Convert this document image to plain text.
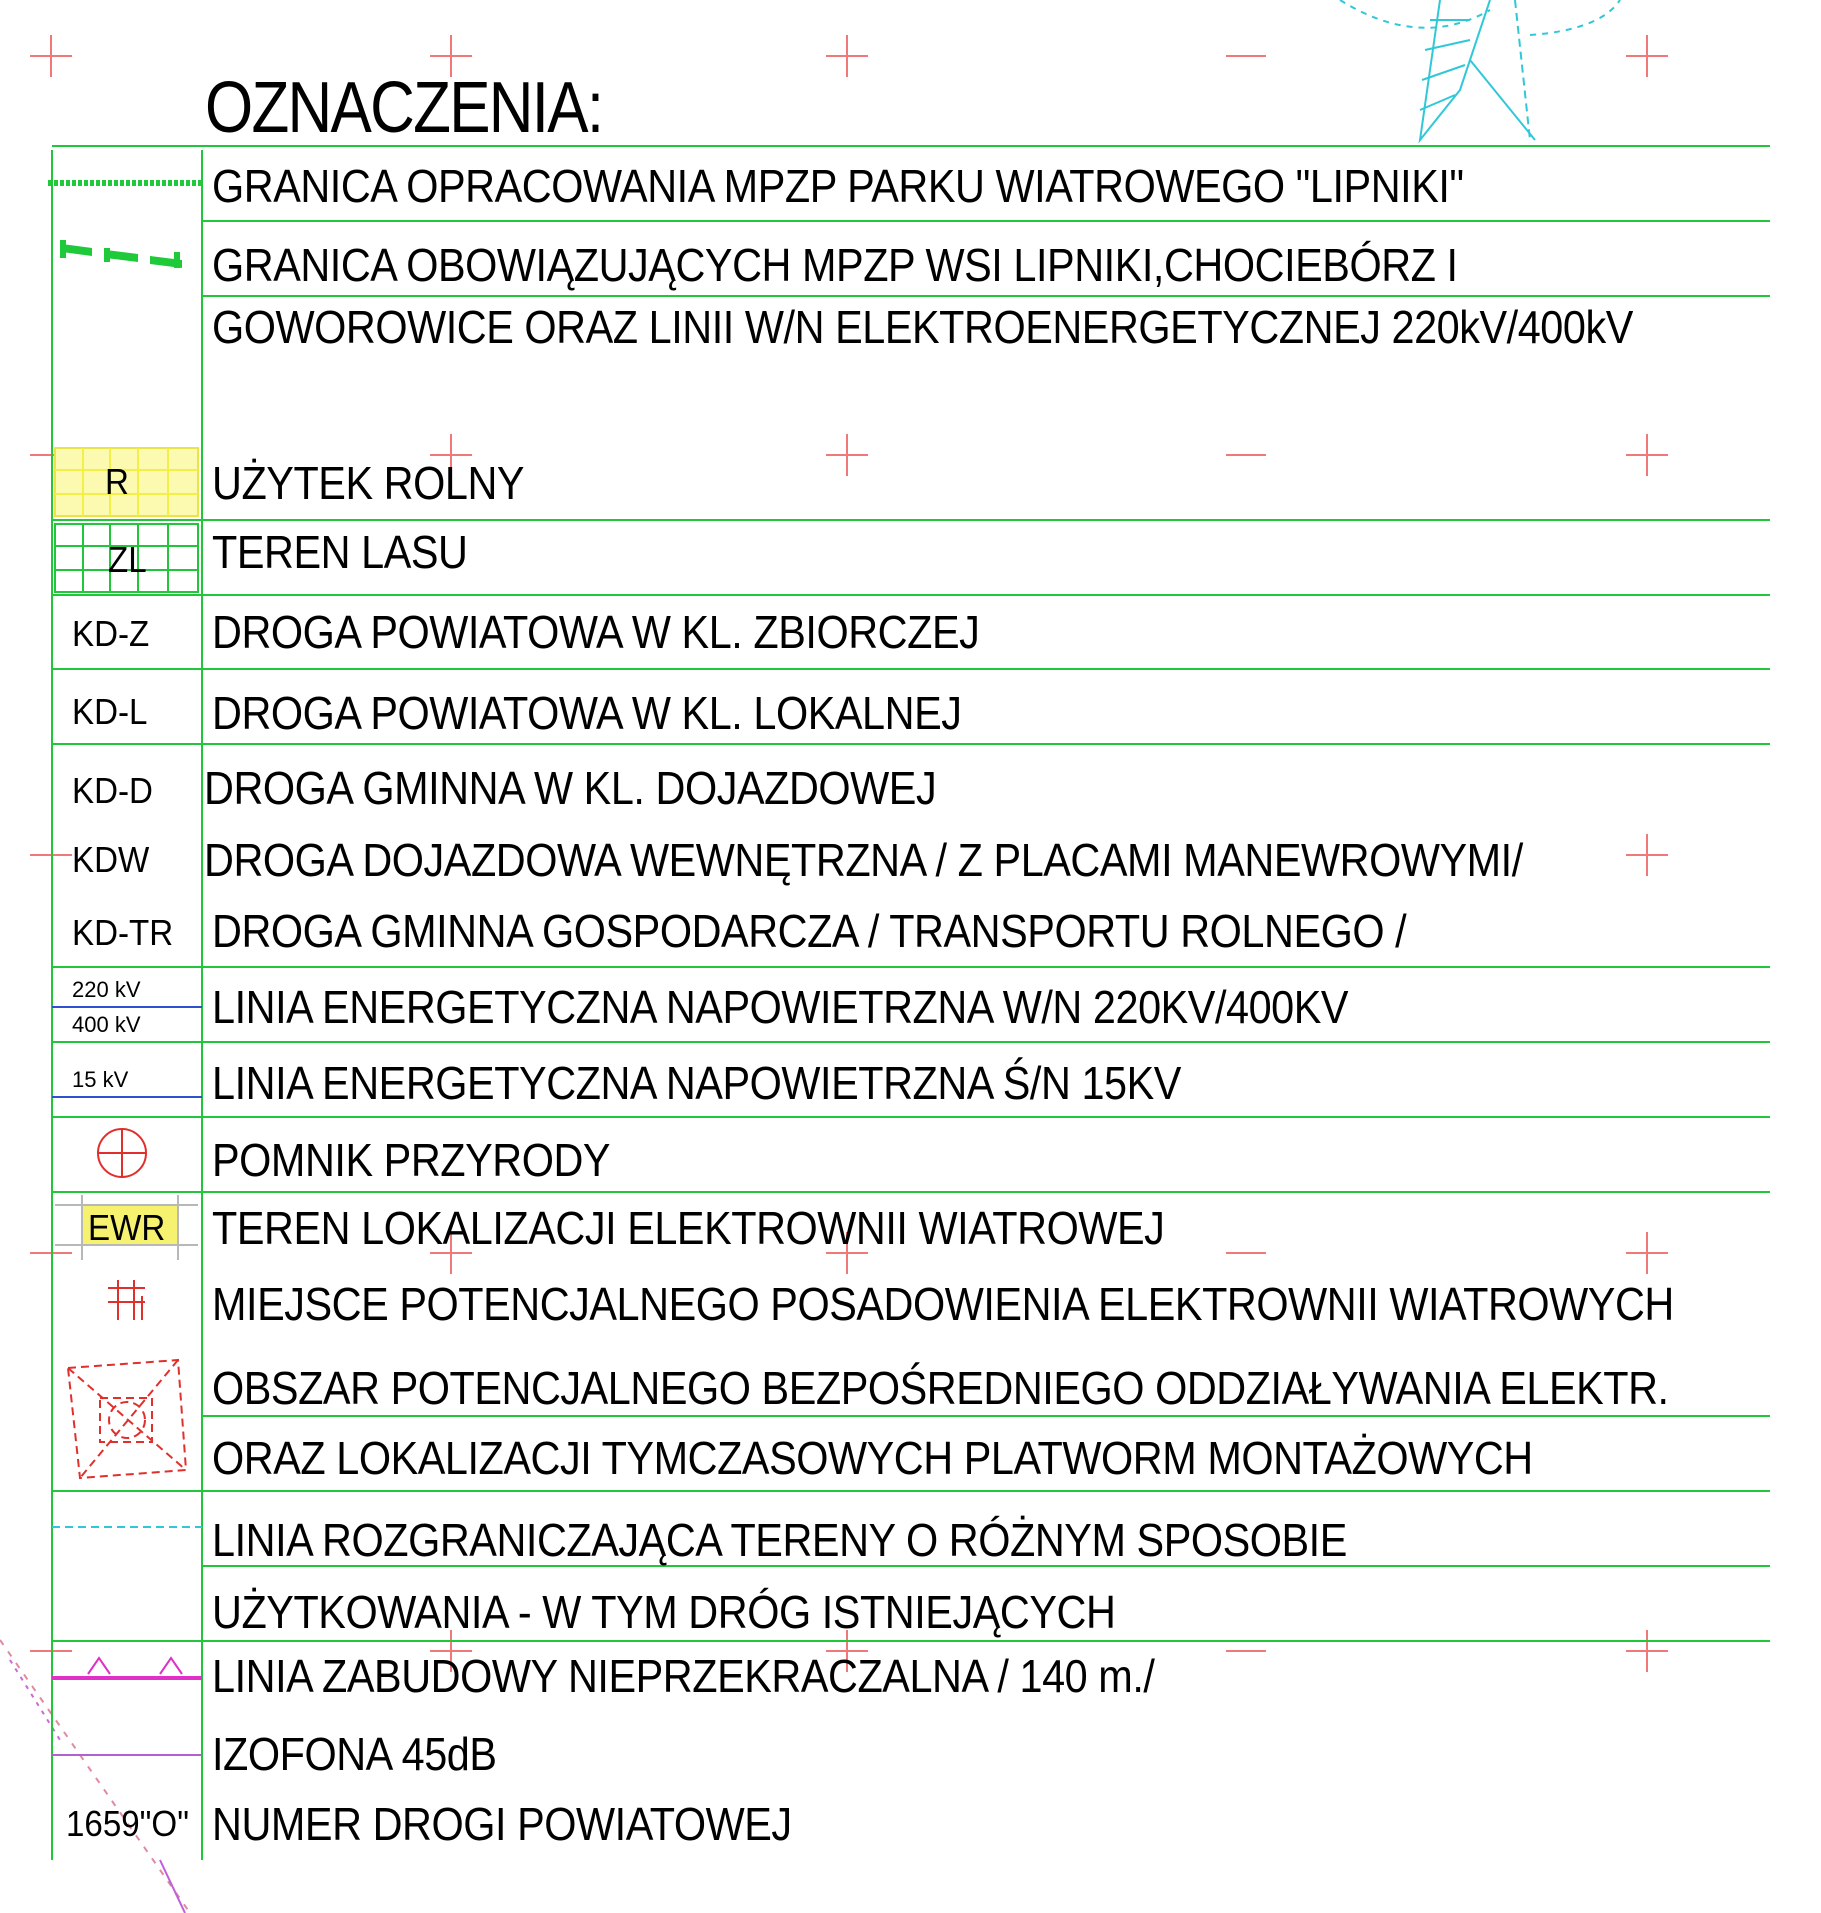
OZNACZENIA:
GRANICA OPRACOWANIA MPZP PARKU WIATROWEGO "LIPNIKI"
GRANICA OBOWIĄZUJĄCYCH MPZP WSI LIPNIKI,CHOCIEBÓRZ I
GOWOROWICE ORAZ LINII W/N ELEKTROENERGETYCZNEJ 220kV/400kV
UŻYTEK ROLNY
TEREN LASU
DROGA POWIATOWA W KL. ZBIORCZEJ
DROGA POWIATOWA W KL. LOKALNEJ
DROGA GMINNA W KL. DOJAZDOWEJ
DROGA DOJAZDOWA WEWNĘTRZNA / Z PLACAMI MANEWROWYMI/
DROGA GMINNA GOSPODARCZA / TRANSPORTU ROLNEGO /
LINIA ENERGETYCZNA NAPOWIETRZNA W/N 220KV/400KV
LINIA ENERGETYCZNA NAPOWIETRZNA Ś/N 15KV
POMNIK PRZYRODY
TEREN LOKALIZACJI ELEKTROWNII WIATROWEJ
MIEJSCE POTENCJALNEGO POSADOWIENIA ELEKTROWNII WIATROWYCH
OBSZAR POTENCJALNEGO BEZPOŚREDNIEGO ODDZIAŁYWANIA ELEKTR.
ORAZ LOKALIZACJI TYMCZASOWYCH PLATWORM MONTAŻOWYCH
LINIA ROZGRANICZAJĄCA TERENY O RÓŻNYM SPOSOBIE
UŻYTKOWANIA - W TYM DRÓG ISTNIEJĄCYCH
LINIA ZABUDOWY NIEPRZEKRACZALNA / 140 m./
IZOFONA 45dB
NUMER DROGI POWIATOWEJ
R
ZL
KD-Z
KD-L
KD-D
KDW
KD-TR
220 kV
400 kV
15 kV
EWR
1659"O"
